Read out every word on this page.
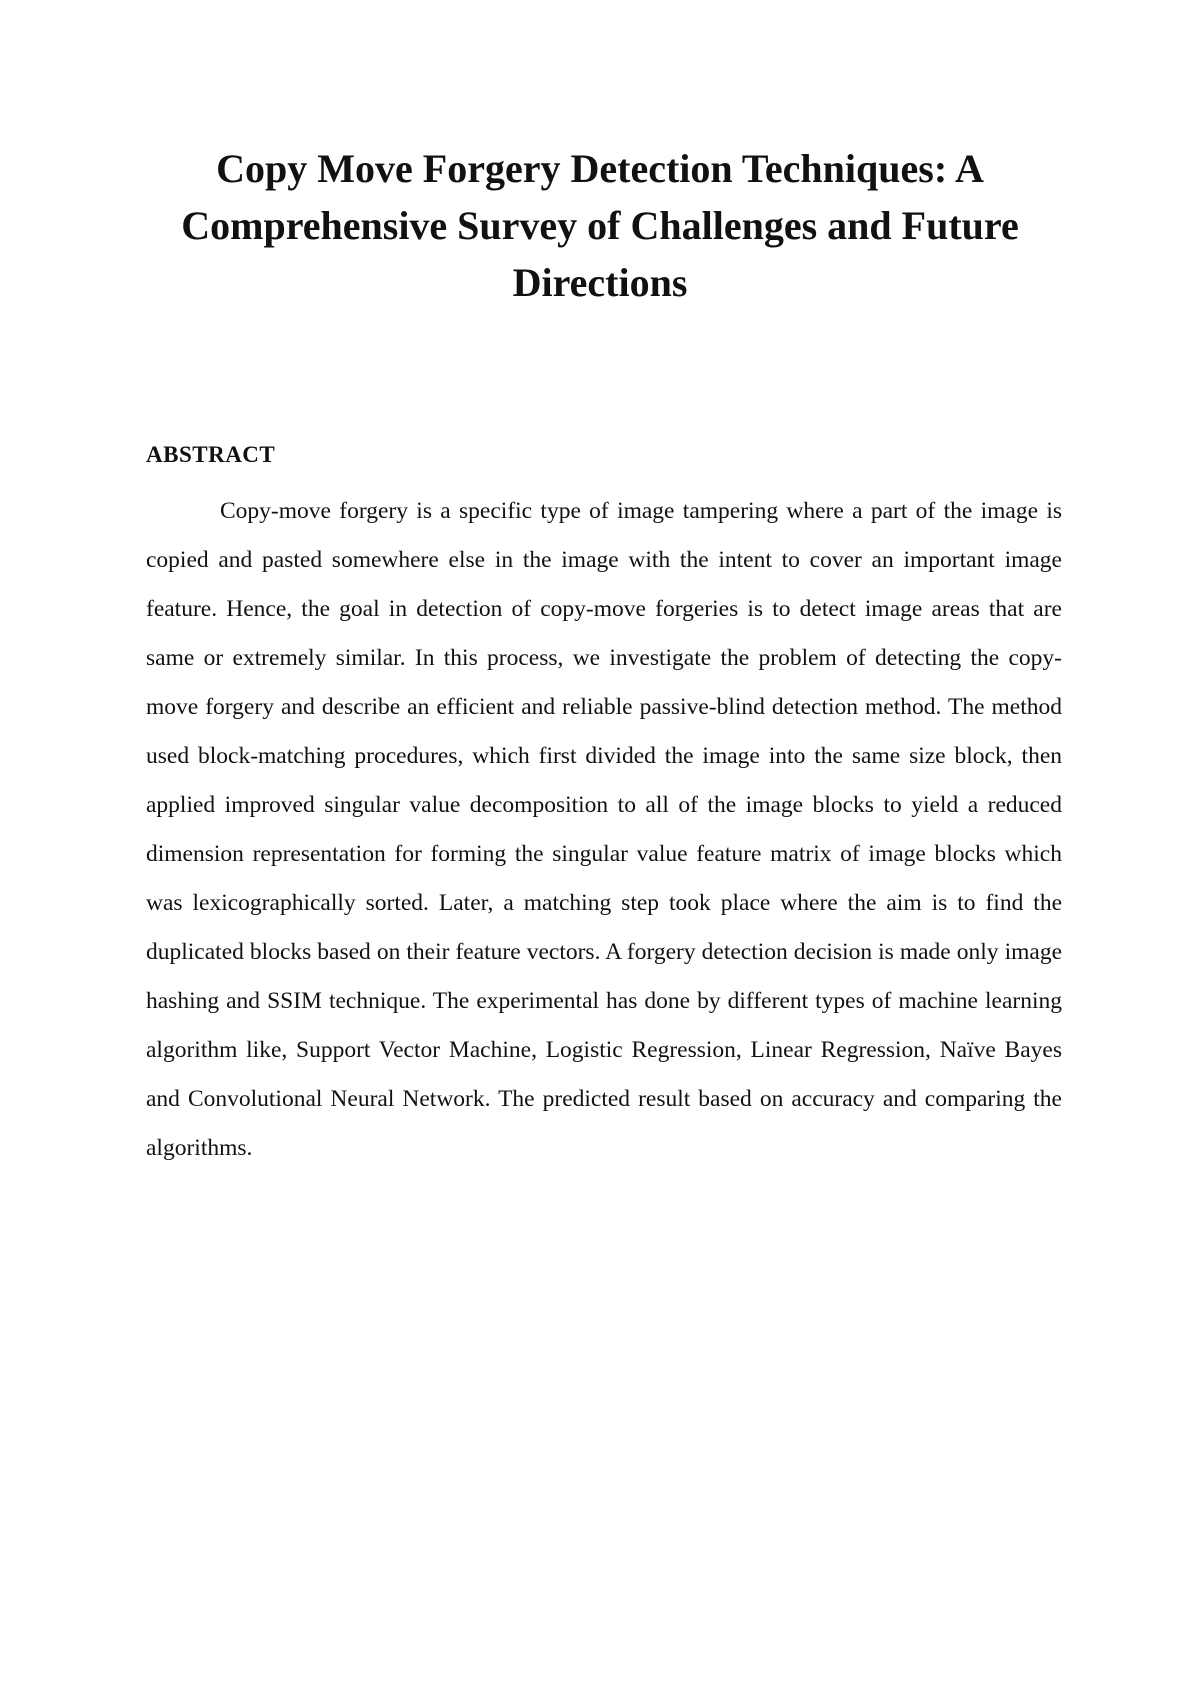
Copy Move Forgery Detection Techniques: A Comprehensive Survey of Challenges and Future Directions
ABSTRACT

Copy-move forgery is a specific type of image tampering where a part of the image is copied and pasted somewhere else in the image with the intent to cover an important image feature. Hence, the goal in detection of copy-move forgeries is to detect image areas that are same or extremely similar. In this process, we investigate the problem of detecting the copy-move forgery and describe an efficient and reliable passive-blind detection method. The method used block-matching procedures, which first divided the image into the same size block, then applied improved singular value decomposition to all of the image blocks to yield a reduced dimension representation for forming the singular value feature matrix of image blocks which was lexicographically sorted. Later, a matching step took place where the aim is to find the duplicated blocks based on their feature vectors. A forgery detection decision is made only image hashing and SSIM technique. The experimental has done by different types of machine learning algorithm like, Support Vector Machine, Logistic Regression, Linear Regression, Naïve Bayes and Convolutional Neural Network. The predicted result based on accuracy and comparing the algorithms.
